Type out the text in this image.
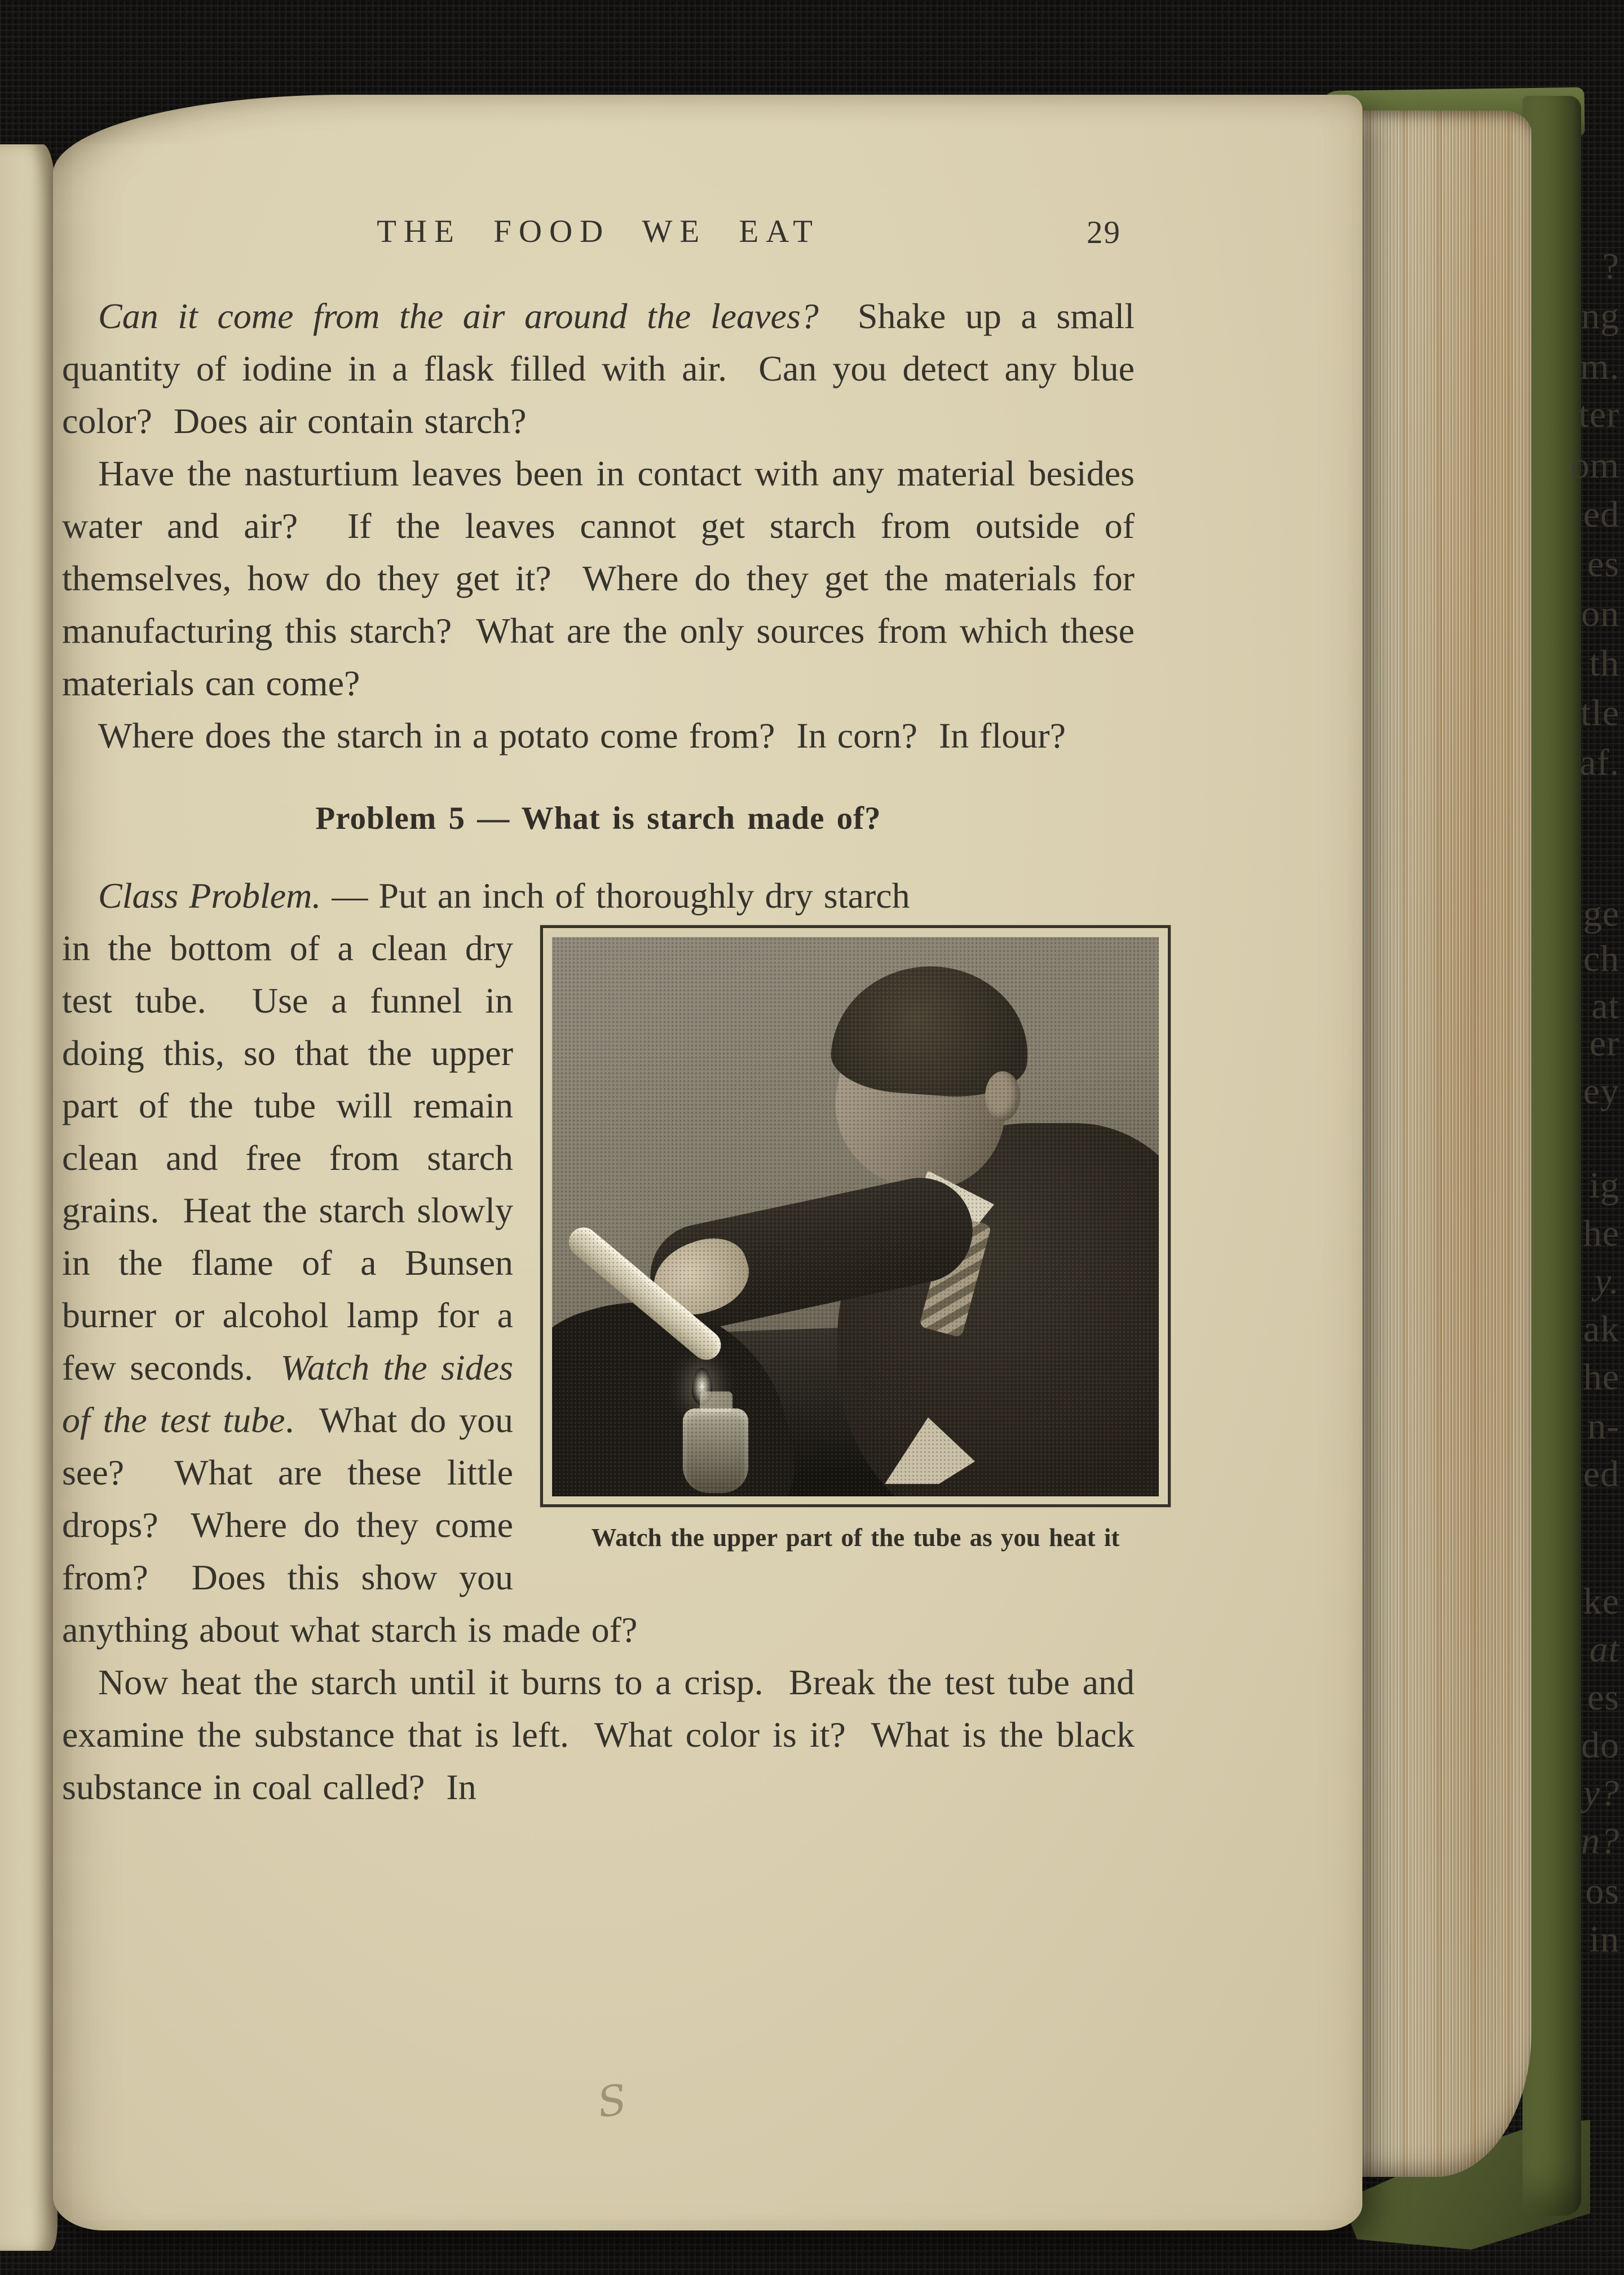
?
ng
m.
ter
om
ed
es
on
th
tle
af.
ge
ch
at
er
ey
ig
he
y.
ak
he
n-
ed
ke
at
es
do
y?
n?
os
in
THE FOOD WE EAT	29

Can it come from the air around the leaves?  Shake up a small quantity of iodine in a flask filled with air.  Can you detect any blue color?  Does air contain starch?

Have the nasturtium leaves been in contact with any material besides water and air?  If the leaves cannot get starch from outside of themselves, how do they get it?  Where do they get the materials for manufacturing this starch?  What are the only sources from which these materials can come?

Where does the starch in a potato come from?  In corn?  In flour?

Problem 5 — What is starch made of?

Class Problem. — Put an inch of thoroughly dry starch

Watch the upper part of the tube as you heat it

in the bottom of a clean dry test tube.  Use a funnel in doing this, so that the upper part of the tube will remain clean and free from starch grains.  Heat the starch slowly in the flame of a Bunsen burner or alcohol lamp for a few seconds.  Watch the sides of the test tube.  What do you see?  What are these little drops?  Where do they come from?  Does this show you anything about what starch is made of?

Now heat the starch until it burns to a crisp.  Break the test tube and examine the substance that is left.  What color is it?  What is the black substance in coal called?  In

S
